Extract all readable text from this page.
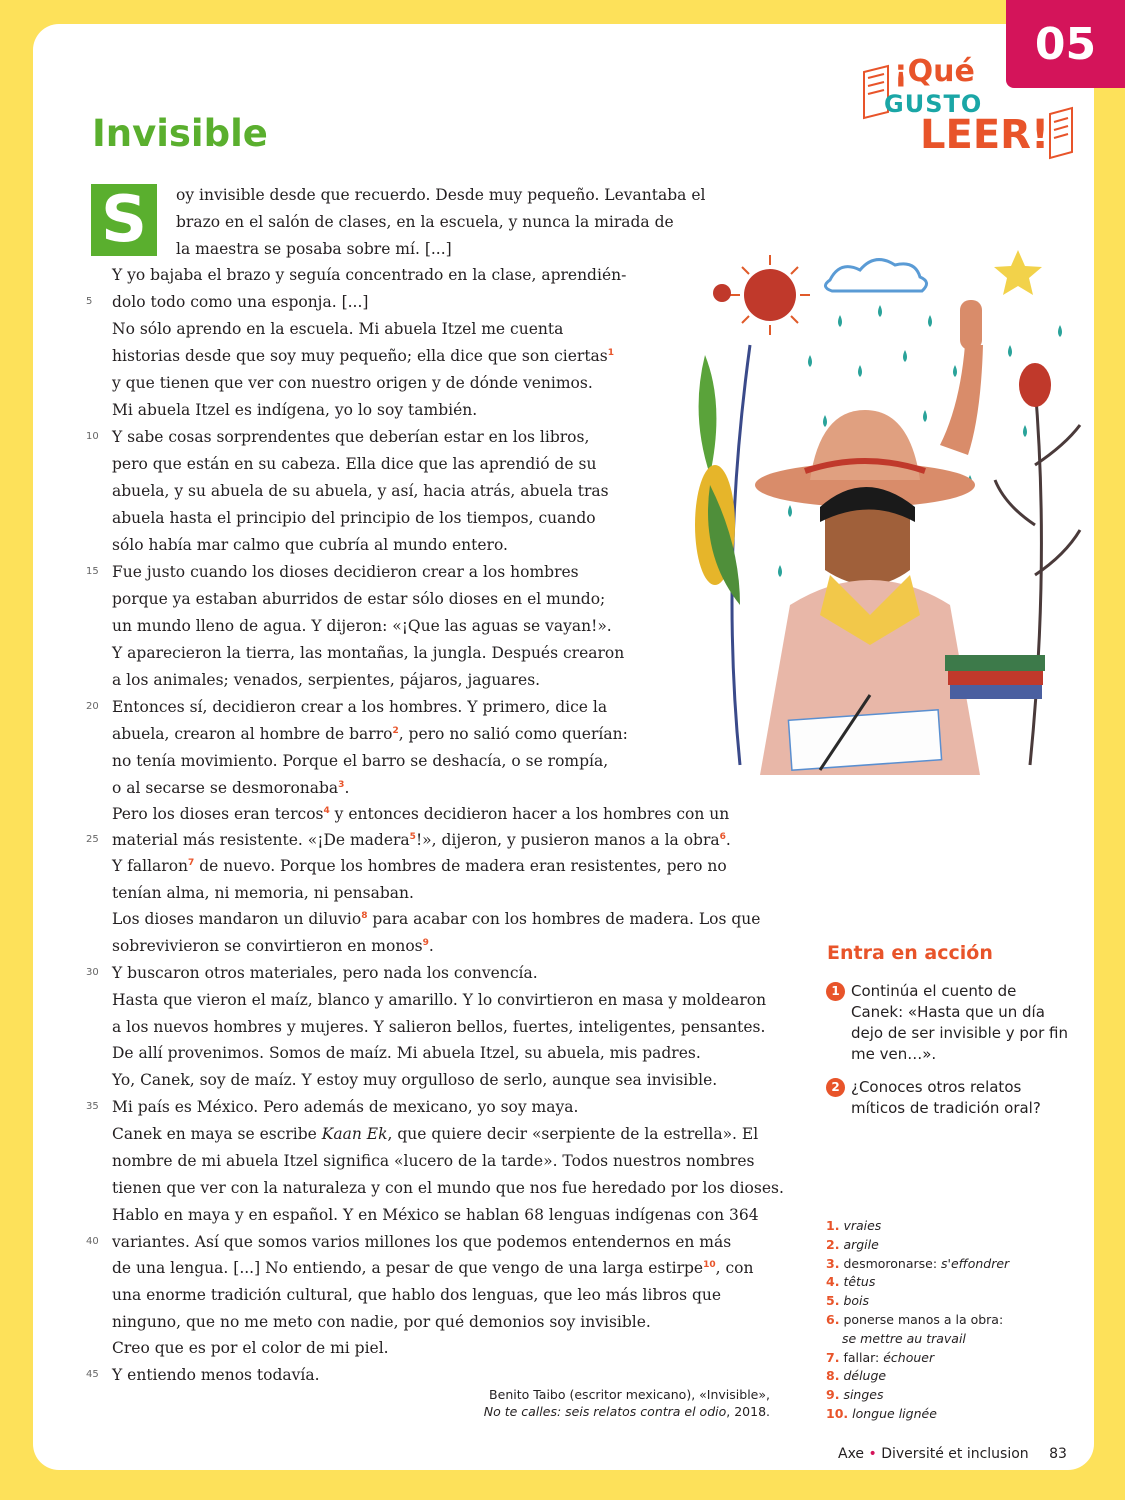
05
¡Qué
GUSTO
LEER!
Invisible
S
5
10
15
20
25
30
35
40
45
oy invisible desde que recuerdo. Desde muy pequeño. Levantaba el
brazo en el salón de clases, en la escuela, y nunca la mirada de
la maestra se posaba sobre mí. [...]
Y yo bajaba el brazo y seguía concentrado en la clase, aprendién-
dolo todo como una esponja. [...]
No sólo aprendo en la escuela. Mi abuela Itzel me cuenta
historias desde que soy muy pequeño; ella dice que son ciertas$^1$
y que tienen que ver con nuestro origen y de dónde venimos.
Mi abuela Itzel es indígena, yo lo soy también.
Y sabe cosas sorprendentes que deberían estar en los libros,
pero que están en su cabeza. Ella dice que las aprendió de su
abuela, y su abuela de su abuela, y así, hacia atrás, abuela tras
abuela hasta el principio del principio de los tiempos, cuando
sólo había mar calmo que cubría al mundo entero.
Fue justo cuando los dioses decidieron crear a los hombres
porque ya estaban aburridos de estar sólo dioses en el mundo;
un mundo lleno de agua. Y dijeron: «¡Que las aguas se vayan!».
Y aparecieron la tierra, las montañas, la jungla. Después crearon
a los animales; venados, serpientes, pájaros, jaguares.
Entonces sí, decidieron crear a los hombres. Y primero, dice la
abuela, crearon al hombre de barro$^2$, pero no salió como querían:
no tenía movimiento. Porque el barro se deshacía, o se rompía,
o al secarse se desmoronaba$^3$.
Pero los dioses eran tercos$^4$ y entonces decidieron hacer a los hombres con un
material más resistente. «¡De madera$^5$!», dijeron, y pusieron manos a la obra$^6$.
Y fallaron$^7$ de nuevo. Porque los hombres de madera eran resistentes, pero no
tenían alma, ni memoria, ni pensaban.
Los dioses mandaron un diluvio$^8$ para acabar con los hombres de madera. Los que
sobrevivieron se convirtieron en monos$^9$.
Y buscaron otros materiales, pero nada los convencía.
Hasta que vieron el maíz, blanco y amarillo. Y lo convirtieron en masa y moldearon
a los nuevos hombres y mujeres. Y salieron bellos, fuertes, inteligentes, pensantes.
De allí provenimos. Somos de maíz. Mi abuela Itzel, su abuela, mis padres.
Yo, Canek, soy de maíz. Y estoy muy orgulloso de serlo, aunque sea invisible.
Mi país es México. Pero además de mexicano, yo soy maya.
Canek en maya se escribe Kaan Ek, que quiere decir «serpiente de la estrella». El
nombre de mi abuela Itzel significa «lucero de la tarde». Todos nuestros nombres
tienen que ver con la naturaleza y con el mundo que nos fue heredado por los dioses.
Hablo en maya y en español. Y en México se hablan 68 lenguas indígenas con 364
variantes. Así que somos varios millones los que podemos entendernos en más
de una lengua. [...] No entiendo, a pesar de que vengo de una larga estirpe$^{10}$, con
una enorme tradición cultural, que hablo dos lenguas, que leo más libros que
ninguno, que no me meto con nadie, por qué demonios soy invisible.
Creo que es por el color de mi piel.
Y entiendo menos todavía.
Benito Taibo (escritor mexicano), «Invisible»,
No te calles: seis relatos contra el odio, 2018.
Entra en acción
1 Continúa el cuento de Canek: «Hasta que un día dejo de ser invisible y por fin me ven…».
2 ¿Conoces otros relatos míticos de tradición oral?
1. vraies
2. argile
3. desmoronarse: s'effondrer
4. têtus
5. bois
6. ponerse manos a la obra:
se mettre au travail
7. fallar: échouer
8. déluge
9. singes
10. longue lignée
Axe • Diversité et inclusion 83
